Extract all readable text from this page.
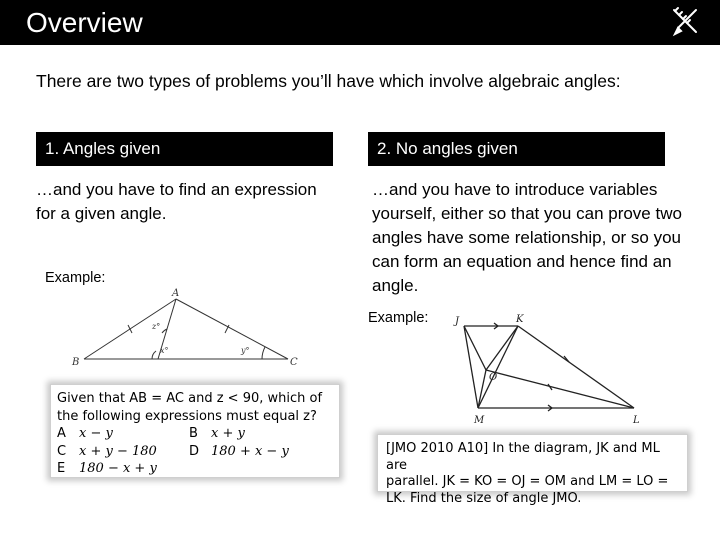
Overview
There are two types of problems you’ll have which involve algebraic angles:
1. Angles given	2. No angles given
…and you have to find an expression for a given angle.
…and you have to introduce variables yourself, either so that you can prove two angles have some relationship, or so you can form an equation and hence find an angle.
Example:
Example:
A
B	C
z°
x°	y°
J	K
O
M	L
Given that AB = AC and z < 90, which of
the following expressions must equal z?
A	x − y	B	x + y
C x + y − 180	D 180 + x − y
E	180 − x + y
[JMO 2010 A10] In the diagram, JK and ML are
parallel. JK = KO = OJ = OM and LM = LO =
LK. Find the size of angle JMO.
